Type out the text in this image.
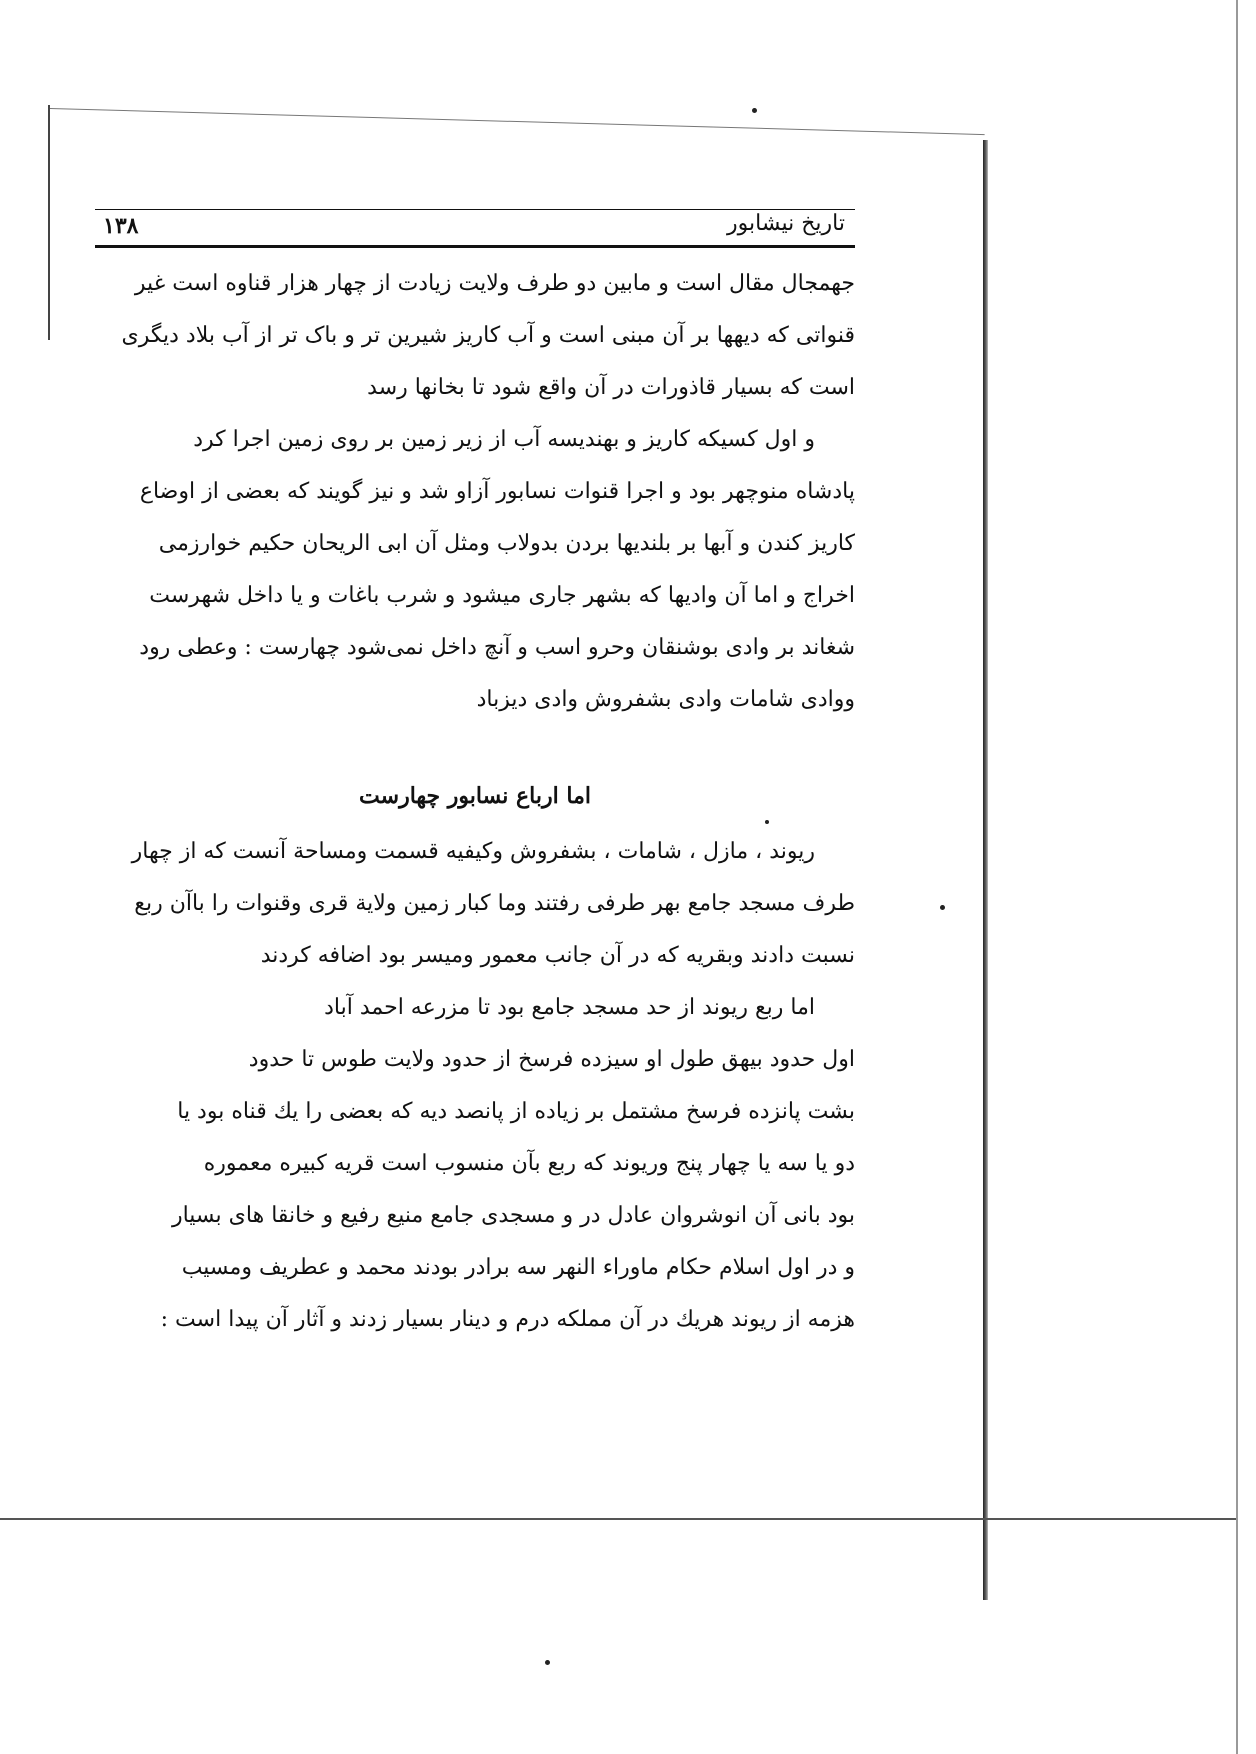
۱۳۸	تاریخ نیشابور
جهمجال مقال است و مابین دو طرف ولایت زیادت از چهار هزار قناوه است غیر
قنواتی که دیهها بر آن مبنی است و آب کاریز شیرین تر و باک تر از آب بلاد دیگری
است که بسیار قاذورات در آن واقع شود تا بخانها رسد
و اول کسیکه کاریز و بهندیسه آب از زیر زمین بر روی زمین اجرا کرد
پادشاه منوچهر بود و اجرا قنوات نسابور آزاو شد و نیز گویند که بعضی از اوضاع
کاریز کندن و آبها بر بلندیها بردن بدولاب ومثل آن ابی الریحان حکیم خوارزمی
اخراج و اما آن وادیها که بشهر جاری میشود و شرب باغات و یا داخل شهرست
شغاند بر وادی بوشنقان وحرو اسب و آنچ داخل نمی‌شود چهارست : وعطی رود
ووادی شامات وادی بشفروش وادی دیزباد
اما ارباع نسابور چهارست
ریوند ، مازل ، شامات ، بشفروش وکیفیه قسمت ومساحة آنست که از چهار
طرف مسجد جامع بهر طرفی رفتند وما کبار زمین ولایة قری وقنوات را باآن ربع
نسبت دادند وبقریه که در آن جانب معمور ومیسر بود اضافه کردند
اما ربع ریوند از حد مسجد جامع بود تا مزرعه احمد آباد
اول حدود بیهق طول او سیزده فرسخ از حدود ولایت طوس تا حدود
بشت پانزده فرسخ مشتمل بر زیاده از پانصد دیه که بعضی را یك قناه بود یا
دو یا سه یا چهار پنج وریوند که ربع بآن منسوب است قریه کبیره معموره
بود بانی آن انوشروان عادل در و مسجدی جامع منیع رفیع و خانقا های بسیار
و در اول اسلام حکام ماوراء النهر سه برادر بودند محمد و عطریف ومسیب
هزمه از ریوند هریك در آن مملکه درم و دینار بسیار زدند و آثار آن پیدا است :
